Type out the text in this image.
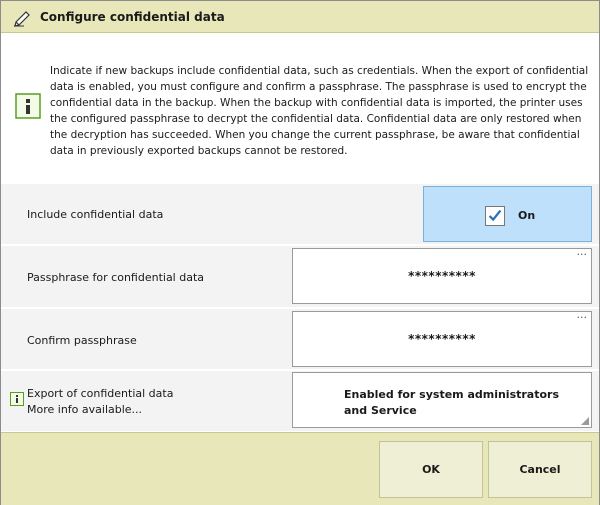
Configure confidential data
Indicate if new backups include confidential data, such as credentials. When the export of confidential data is enabled, you must configure and confirm a passphrase. The passphrase is used to encrypt the confidential data in the backup. When the backup with confidential data is imported, the printer uses the configured passphrase to decrypt the confidential data. Confidential data are only restored when the decryption has succeeded. When you change the current passphrase, be aware that confidential data in previously exported backups cannot be restored.
Include confidential data	On
Passphrase for confidential data
...
**********
Confirm passphrase
...
**********
Export of confidential data
More info available...
Enabled for system administrators
and Service
OK	Cancel
